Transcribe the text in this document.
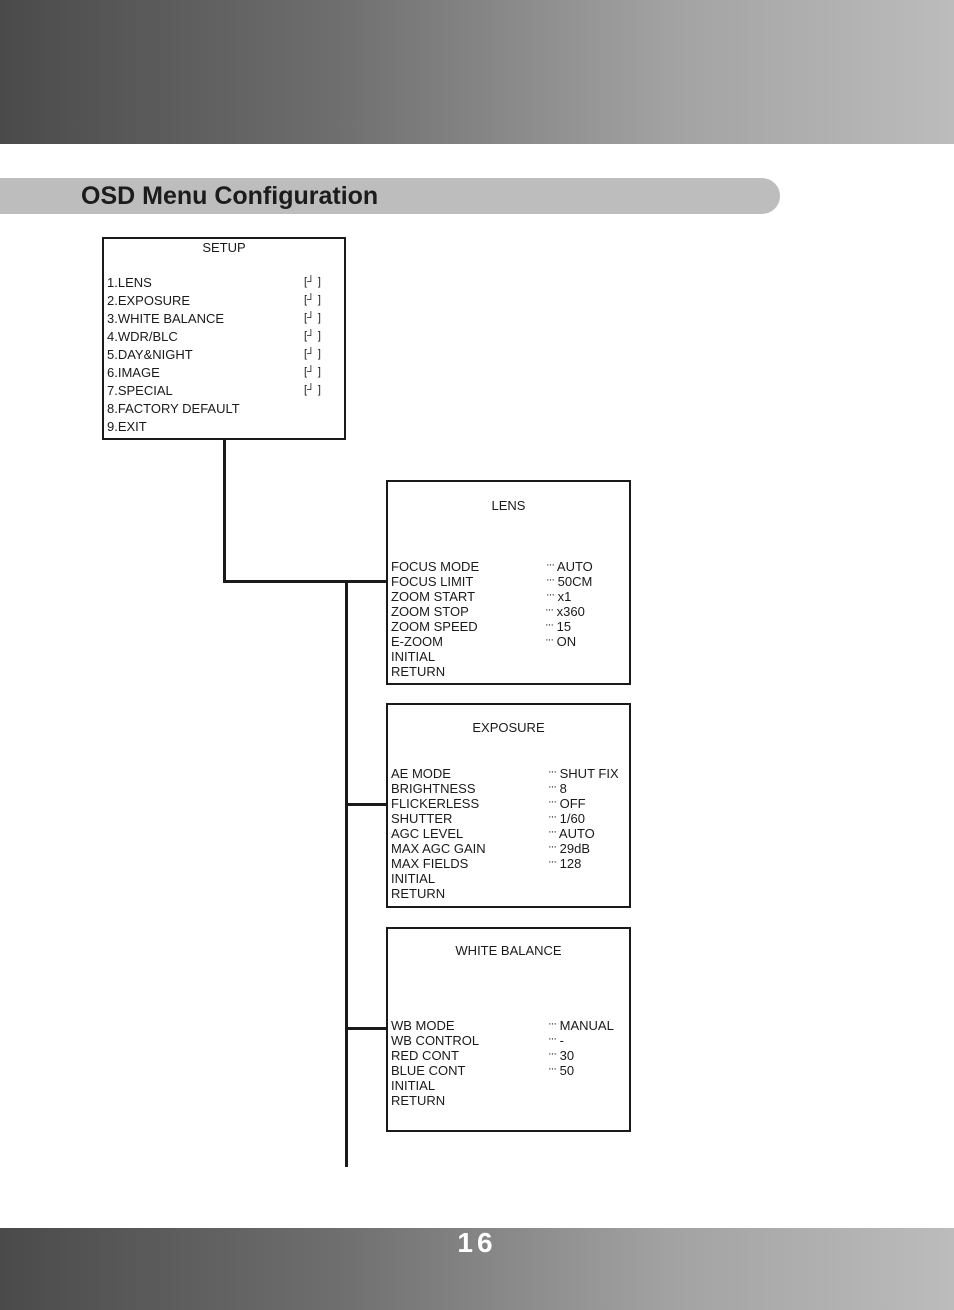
OSD Menu Configuration
SETUP
1.LENS	[┘ ]
2.EXPOSURE	[┘ ]
3.WHITE BALANCE	[┘ ]
4.WDR/BLC	[┘ ]
5.DAY&NIGHT	[┘ ]
6.IMAGE	[┘ ]
7.SPECIAL	[┘ ]
8.FACTORY DEFAULT
9.EXIT
LENS
FOCUS MODE	··· AUTO
FOCUS LIMIT	··· 50CM
ZOOM START	··· x1
ZOOM STOP	··· x360
ZOOM SPEED	··· 15
E-ZOOM	··· ON
INITIAL
RETURN
EXPOSURE
AE MODE	··· SHUT FIX
BRIGHTNESS	··· 8
FLICKERLESS	··· OFF
SHUTTER	··· 1/60
AGC LEVEL	··· AUTO
MAX AGC GAIN	··· 29dB
MAX FIELDS	··· 128
INITIAL
RETURN
WHITE BALANCE
WB MODE	··· MANUAL
WB CONTROL	··· -
RED CONT	··· 30
BLUE CONT	··· 50
INITIAL
RETURN
16
